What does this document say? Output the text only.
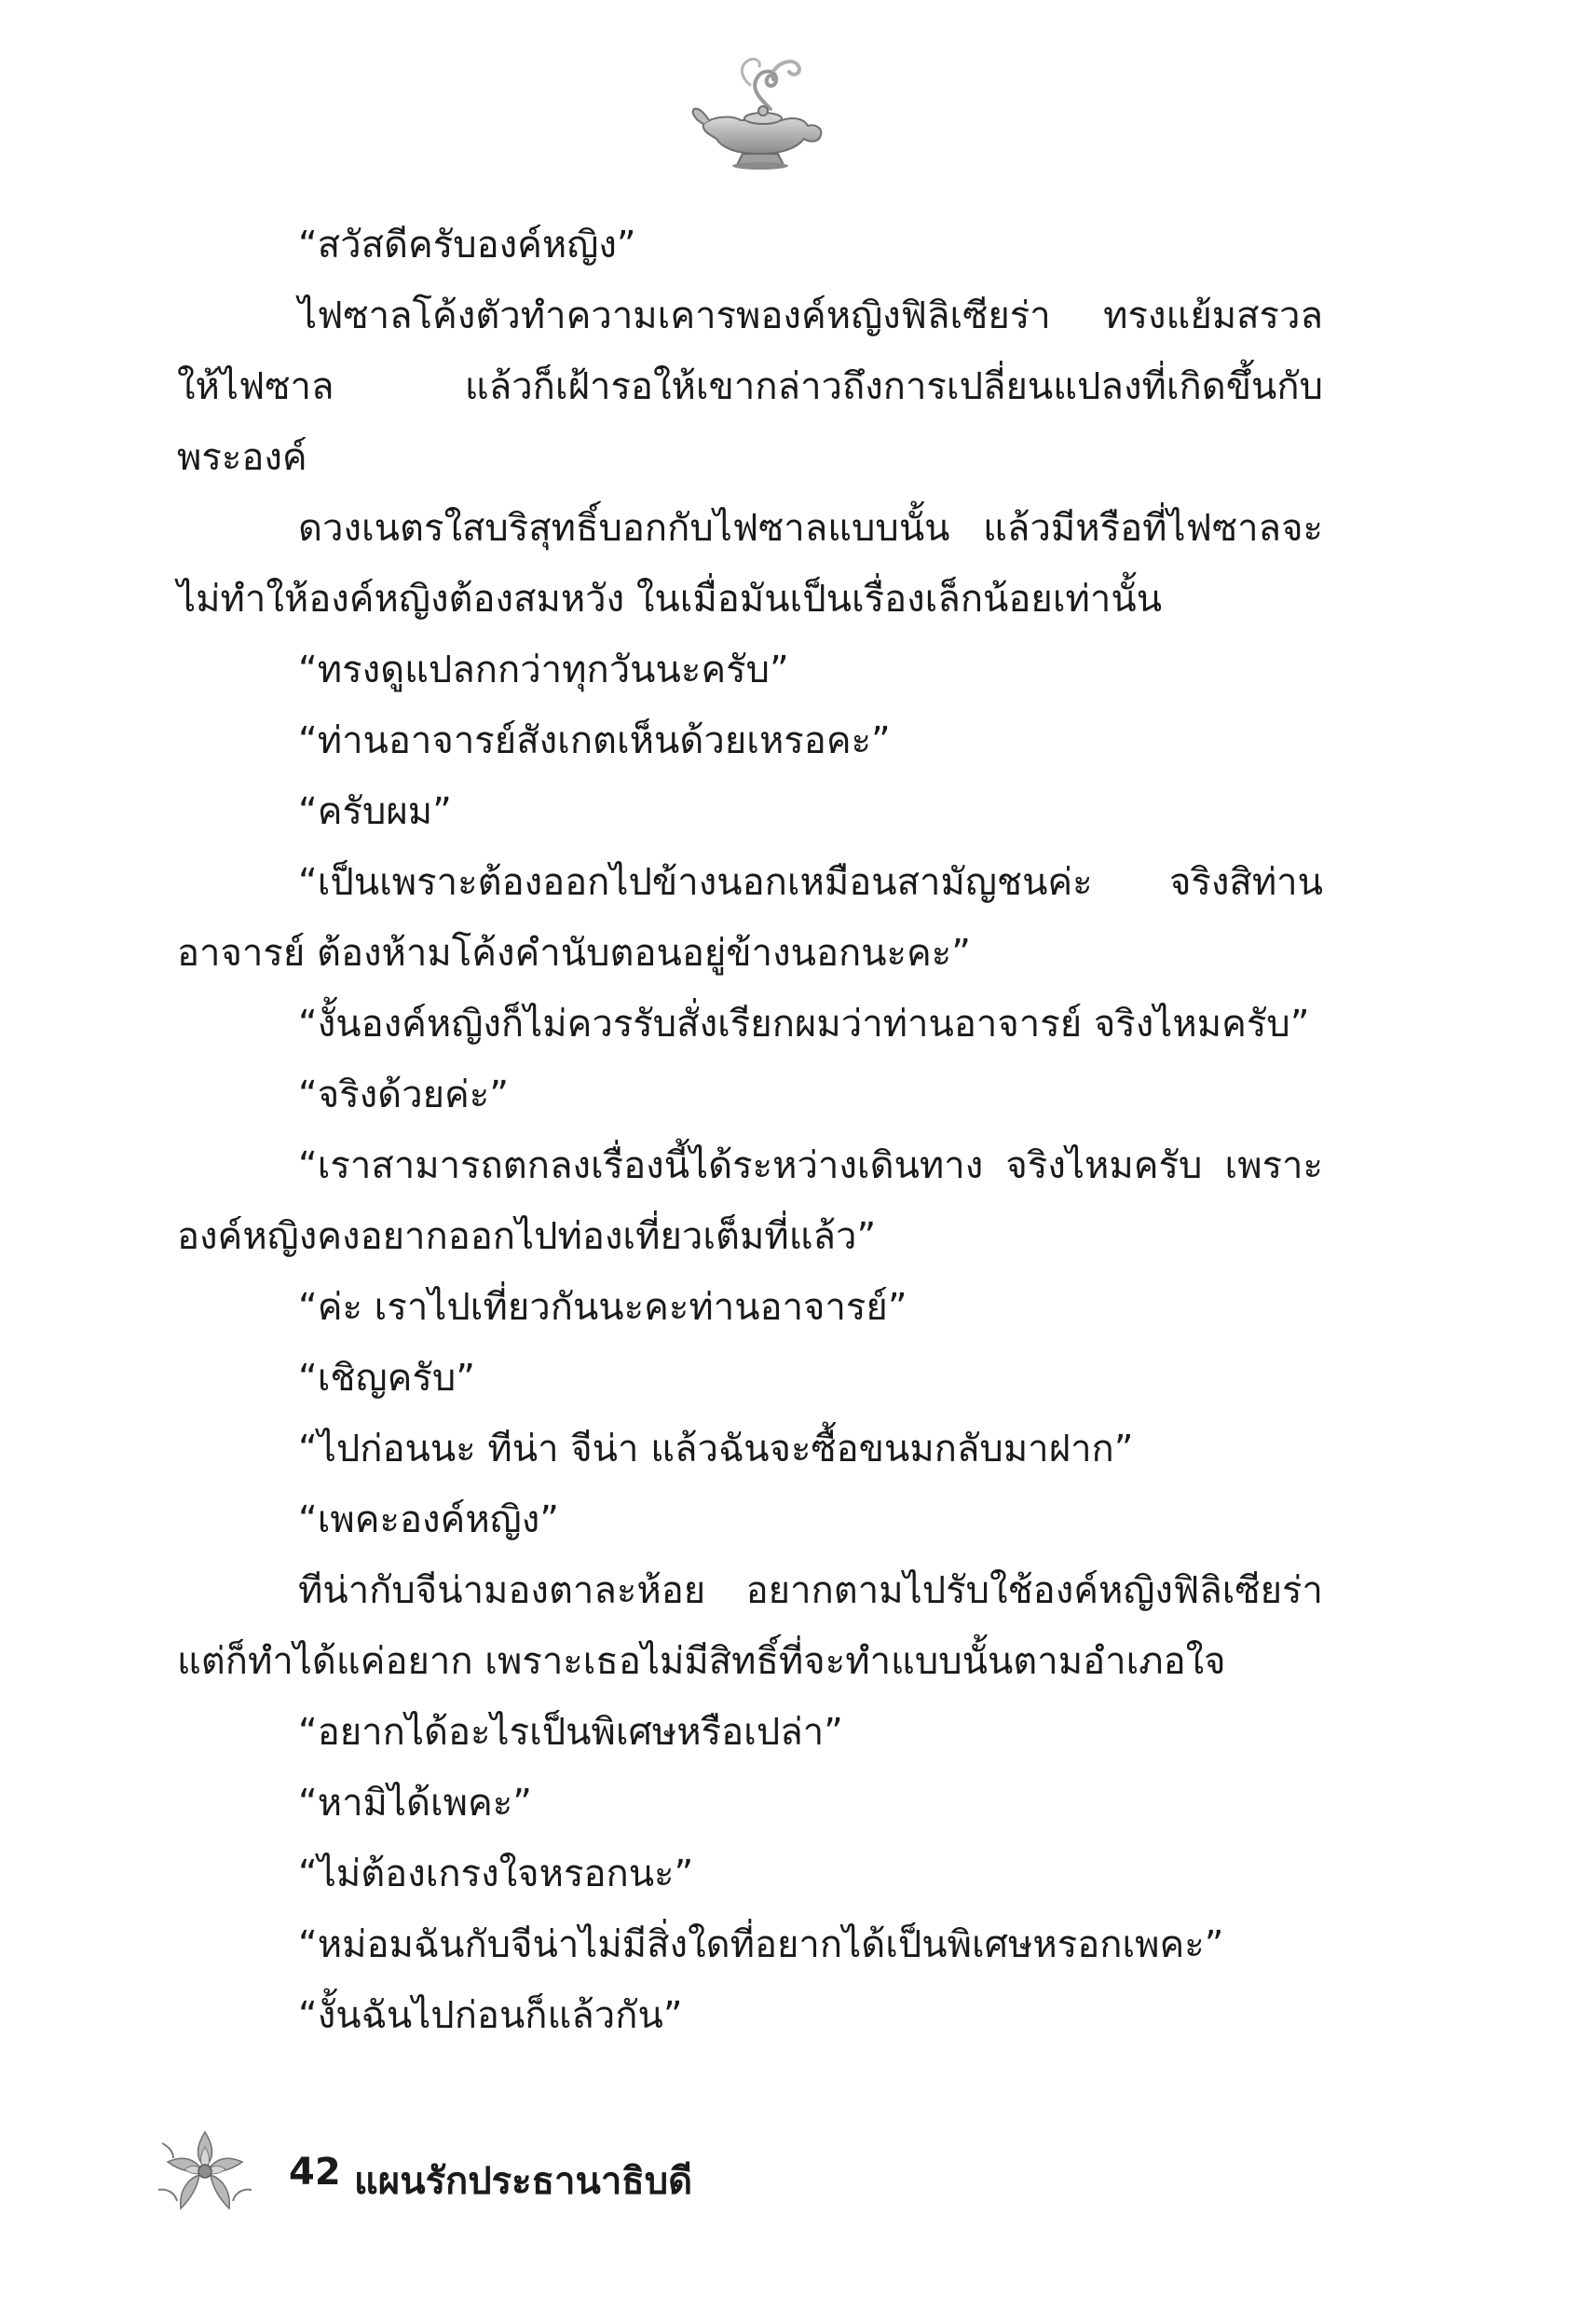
“สวัสดีครับองค์หญิง”

ไฟซาลโค้งตัวทำความเคารพองค์หญิงฟิลิเซียร่า ทรงแย้มสรวลให้ไฟซาล แล้วก็เฝ้ารอให้เขากล่าวถึงการเปลี่ยนแปลงที่เกิดขึ้นกับพระองค์

ดวงเนตรใสบริสุทธิ์บอกกับไฟซาลแบบนั้น แล้วมีหรือที่ไฟซาลจะไม่ทำให้องค์หญิงต้องสมหวัง ในเมื่อมันเป็นเรื่องเล็กน้อยเท่านั้น

“ทรงดูแปลกกว่าทุกวันนะครับ”

“ท่านอาจารย์สังเกตเห็นด้วยเหรอคะ”

“ครับผม”

“เป็นเพราะต้องออกไปข้างนอกเหมือนสามัญชนค่ะ จริงสิท่านอาจารย์ ต้องห้ามโค้งคำนับตอนอยู่ข้างนอกนะคะ”

“งั้นองค์หญิงก็ไม่ควรรับสั่งเรียกผมว่าท่านอาจารย์ จริงไหมครับ”

“จริงด้วยค่ะ”

“เราสามารถตกลงเรื่องนี้ได้ระหว่างเดินทาง จริงไหมครับ เพราะองค์หญิงคงอยากออกไปท่องเที่ยวเต็มที่แล้ว”

“ค่ะ เราไปเที่ยวกันนะคะท่านอาจารย์”

“เชิญครับ”

“ไปก่อนนะ ทีน่า จีน่า แล้วฉันจะซื้อขนมกลับมาฝาก”

“เพคะองค์หญิง”

ทีน่ากับจีน่ามองตาละห้อย อยากตามไปรับใช้องค์หญิงฟิลิเซียร่าแต่ก็ทำได้แค่อยาก เพราะเธอไม่มีสิทธิ์ที่จะทำแบบนั้นตามอำเภอใจ

“อยากได้อะไรเป็นพิเศษหรือเปล่า”

“หามิได้เพคะ”

“ไม่ต้องเกรงใจหรอกนะ”

“หม่อมฉันกับจีน่าไม่มีสิ่งใดที่อยากได้เป็นพิเศษหรอกเพคะ”

“งั้นฉันไปก่อนก็แล้วกัน”

42 แผนรักประธานาธิบดี
